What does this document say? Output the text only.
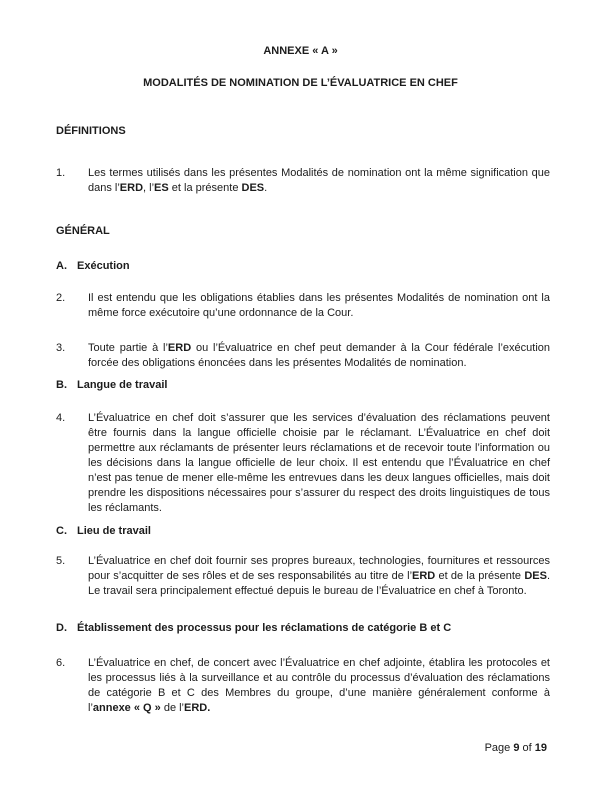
ANNEXE « A »
MODALITÉS DE NOMINATION DE L’ÉVALUATRICE EN CHEF
DÉFINITIONS
1. Les termes utilisés dans les présentes Modalités de nomination ont la même signification que dans l’ERD, l’ES et la présente DES.
GÉNÉRAL
A. Exécution
2. Il est entendu que les obligations établies dans les présentes Modalités de nomination ont la même force exécutoire qu’une ordonnance de la Cour.
3. Toute partie à l’ERD ou l’Évaluatrice en chef peut demander à la Cour fédérale l’exécution forcée des obligations énoncées dans les présentes Modalités de nomination.
B. Langue de travail
4. L’Évaluatrice en chef doit s’assurer que les services d’évaluation des réclamations peuvent être fournis dans la langue officielle choisie par le réclamant. L’Évaluatrice en chef doit permettre aux réclamants de présenter leurs réclamations et de recevoir toute l’information ou les décisions dans la langue officielle de leur choix. Il est entendu que l’Évaluatrice en chef n’est pas tenue de mener elle-même les entrevues dans les deux langues officielles, mais doit prendre les dispositions nécessaires pour s’assurer du respect des droits linguistiques de tous les réclamants.
C. Lieu de travail
5. L’Évaluatrice en chef doit fournir ses propres bureaux, technologies, fournitures et ressources pour s’acquitter de ses rôles et de ses responsabilités au titre de l’ERD et de la présente DES. Le travail sera principalement effectué depuis le bureau de l’Évaluatrice en chef à Toronto.
D. Établissement des processus pour les réclamations de catégorie B et C
6. L’Évaluatrice en chef, de concert avec l’Évaluatrice en chef adjointe, établira les protocoles et les processus liés à la surveillance et au contrôle du processus d’évaluation des réclamations de catégorie B et C des Membres du groupe, d’une manière généralement conforme à l’annexe « Q » de l’ERD.
Page 9 of 19
